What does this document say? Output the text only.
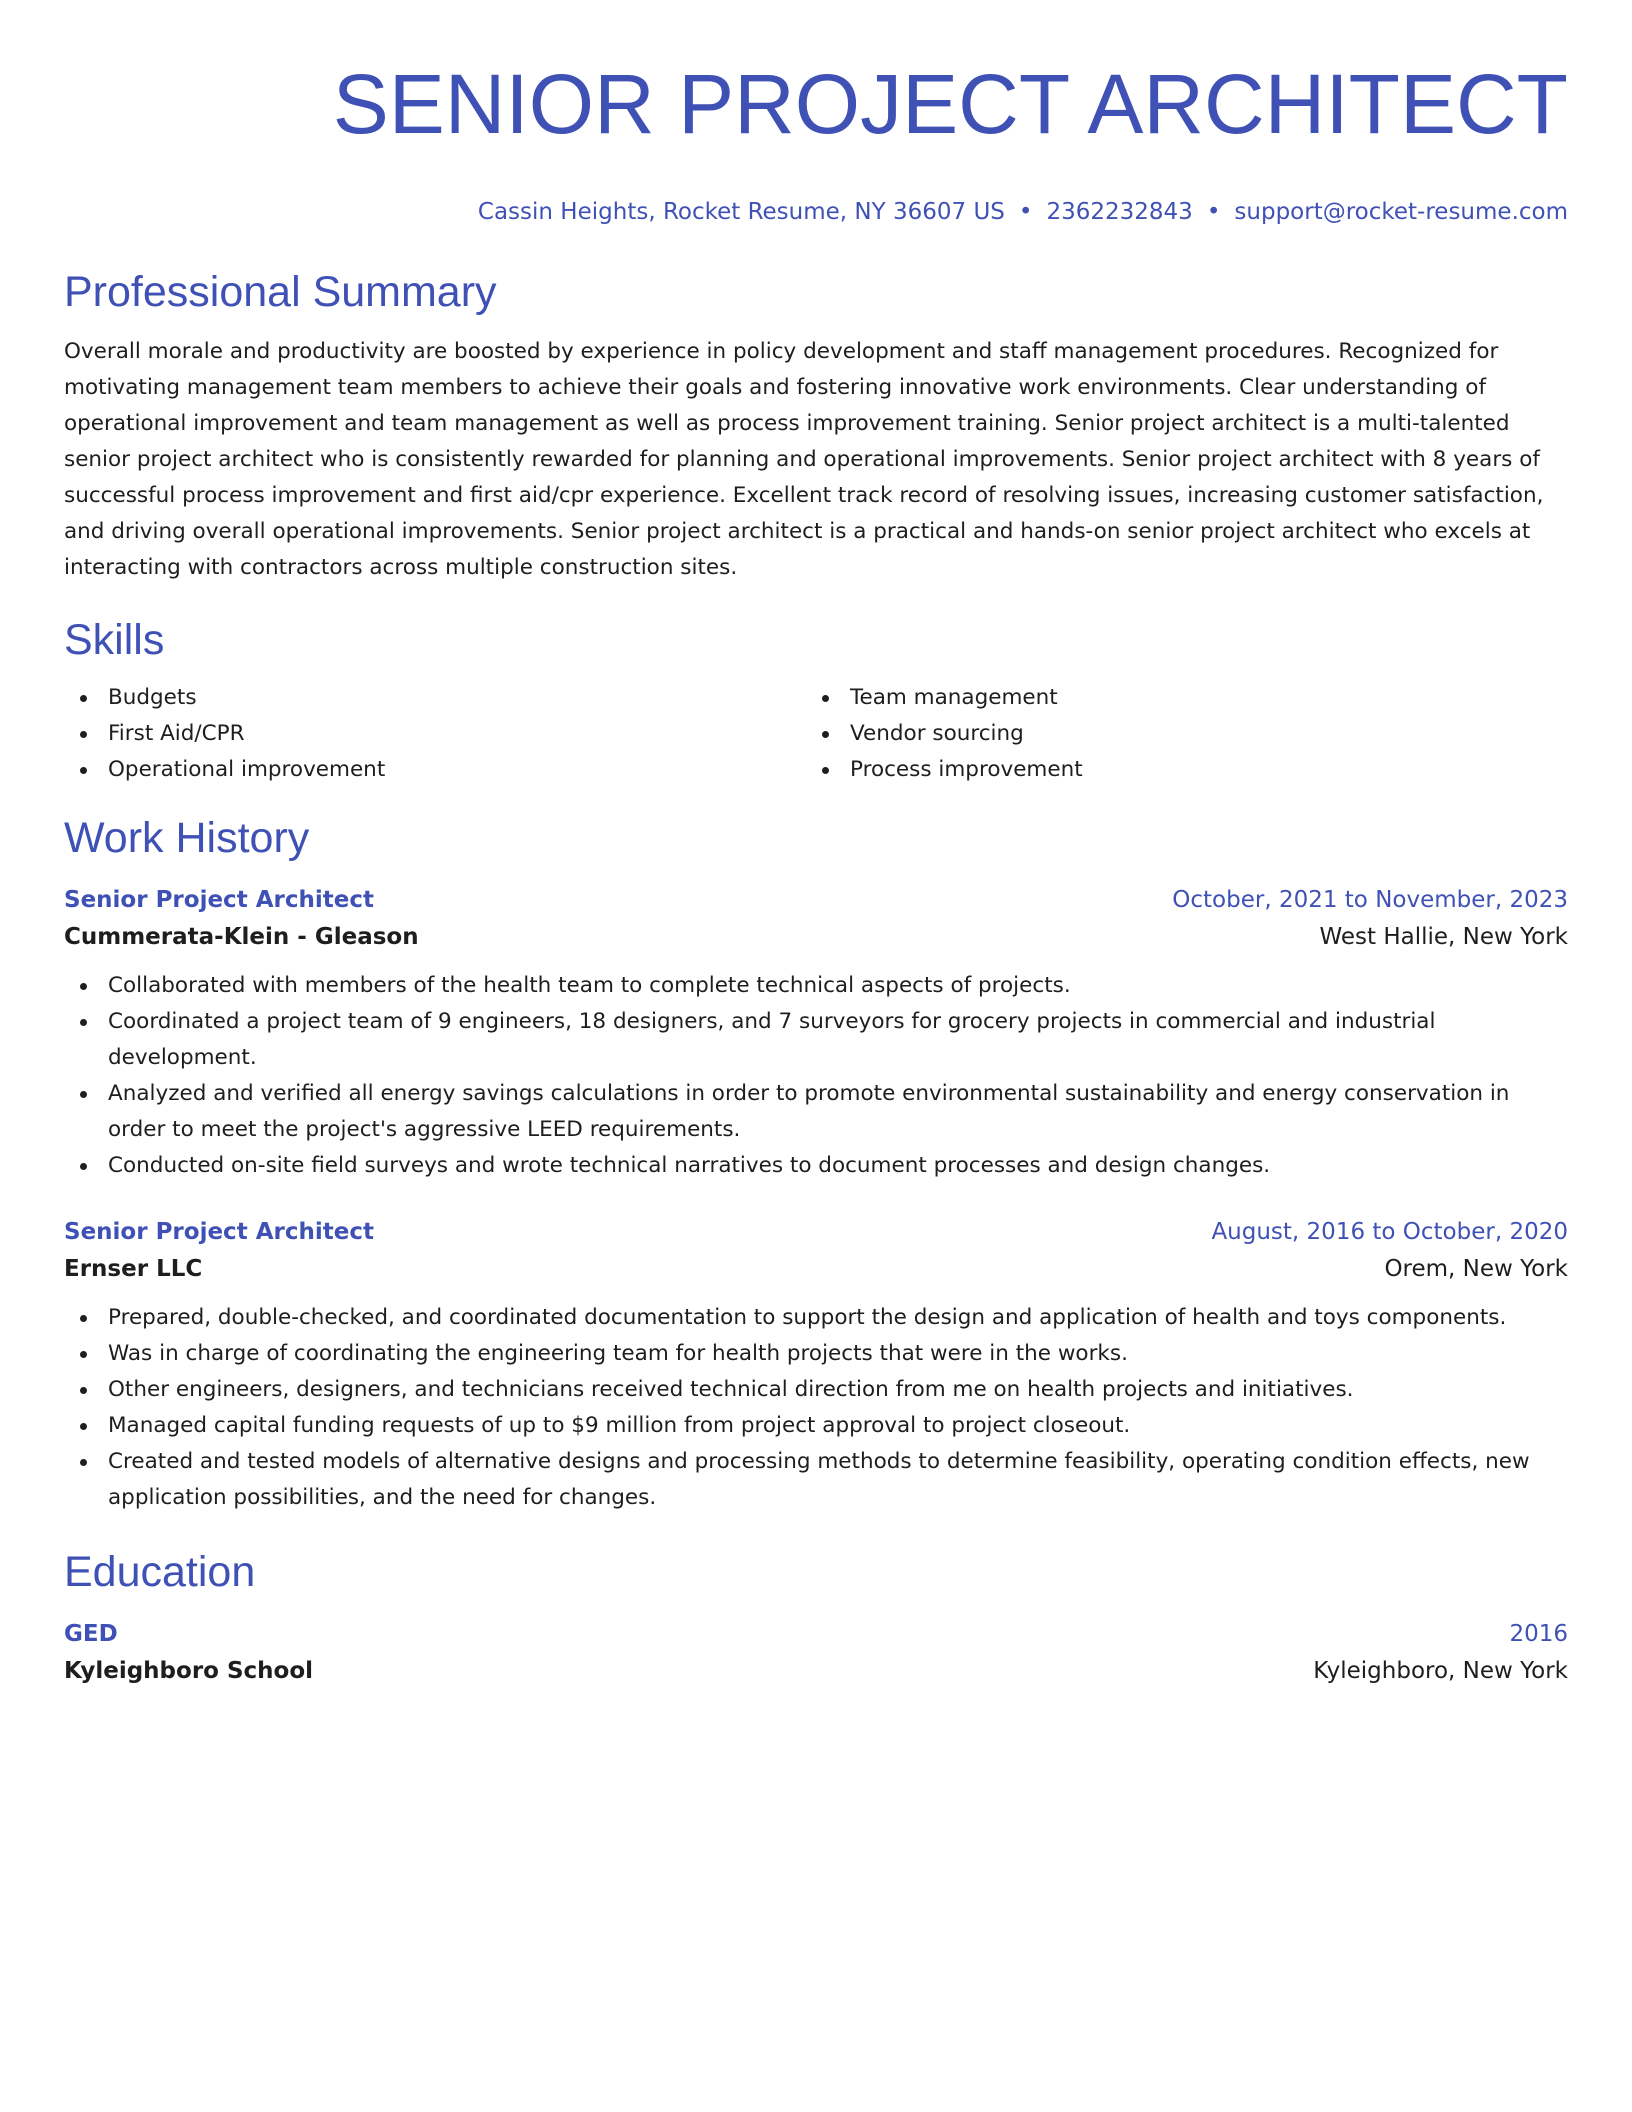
SENIOR PROJECT ARCHITECT
Cassin Heights, Rocket Resume, NY 36607 US • 2362232843 • support@rocket-resume.com
Professional Summary

Overall morale and productivity are boosted by experience in policy development and staff management procedures. Recognized for motivating management team members to achieve their goals and fostering innovative work environments. Clear understanding of operational improvement and team management as well as process improvement training. Senior project architect is a multi-talented senior project architect who is consistently rewarded for planning and operational improvements. Senior project architect with 8 years of successful process improvement and first aid/cpr experience. Excellent track record of resolving issues, increasing customer satisfaction, and driving overall operational improvements. Senior project architect is a practical and hands-on senior project architect who excels at interacting with contractors across multiple construction sites.

Skills
Budgets
First Aid/CPR
Operational improvement
Team management
Vendor sourcing
Process improvement
Work History
Senior Project Architect	October, 2021 to November, 2023
Cummerata-Klein - Gleason	West Hallie, New York
Collaborated with members of the health team to complete technical aspects of projects.
Coordinated a project team of 9 engineers, 18 designers, and 7 surveyors for grocery projects in commercial and industrial development.
Analyzed and verified all energy savings calculations in order to promote environmental sustainability and energy conservation in order to meet the project's aggressive LEED requirements.
Conducted on-site field surveys and wrote technical narratives to document processes and design changes.
Senior Project Architect	August, 2016 to October, 2020
Ernser LLC	Orem, New York
Prepared, double-checked, and coordinated documentation to support the design and application of health and toys components.
Was in charge of coordinating the engineering team for health projects that were in the works.
Other engineers, designers, and technicians received technical direction from me on health projects and initiatives.
Managed capital funding requests of up to $9 million from project approval to project closeout.
Created and tested models of alternative designs and processing methods to determine feasibility, operating condition effects, new application possibilities, and the need for changes.
Education
GED	2016
Kyleighboro School	Kyleighboro, New York
